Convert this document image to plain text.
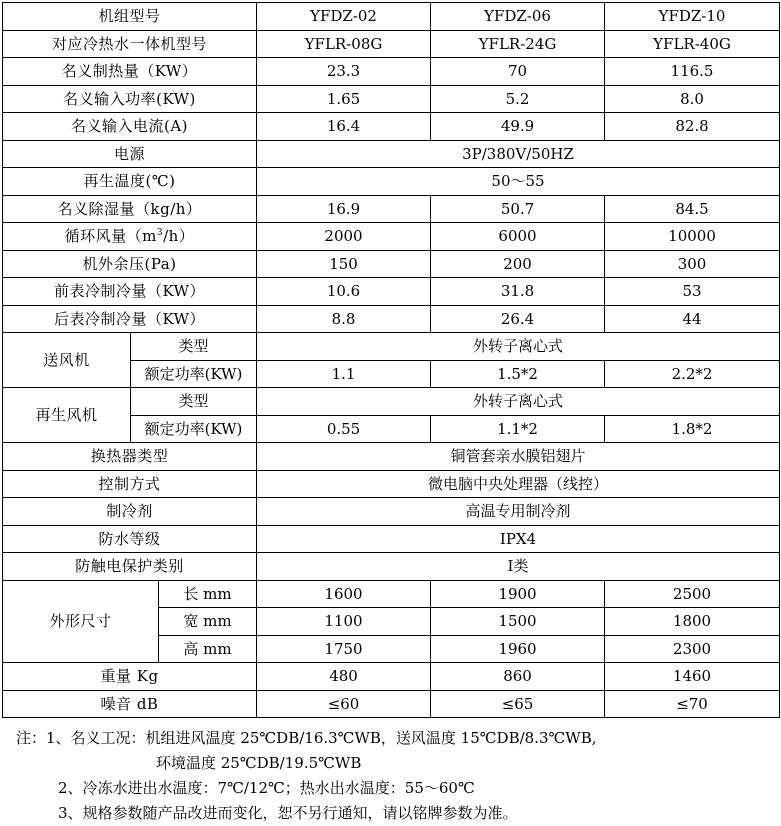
机组型号			YFDZ-02	YFDZ-06	YFDZ-10
对应冷热水一体机型号			YFLR-08G	YFLR-24G	YFLR-40G
名义制热量（KW）			23.3	70	116.5
名义输入功率(KW)			1.65	5.2	8.0
名义输入电流(A)			16.4	49.9	82.8
电源			3P/380V/50HZ		
再生温度(℃)			50～55		
名义除湿量（kg/h）			16.9	50.7	84.5
循环风量$(m^3/h)$			2000	6000	10000
机外余压(Pa)			150	200	300
前表冷制冷量（KW）			10.6	31.8	53
后表冷制冷量（KW）			8.8	26.4	44
送风机	类型		外转子离心式		
	额定功率(KW)		1.1	1.5*2	2.2*2
再生风机	类型		外转子离心式		
	额定功率(KW)		0.55	1.1*2	1.8*2
换热器类型			铜管套亲水膜铝翅片		
控制方式			微电脑中央处理器（线控）		
制冷剂			高温专用制冷剂		
防水等级			IPX4		
防触电保护类别			Ⅰ类		
外形尺寸		长 mm	1600	1900	2500
		宽 mm	1100	1500	1800
		高 mm	1750	1960	2300
重量 Kg			480	860	1460
噪音 dB			≤60	≤65	≤70
注：1、名义工况：机组进风温度 25℃DB/16.3℃WB，送风温度 15℃DB/8.3℃WB,
环境温度 25℃DB/19.5℃WB
2、冷冻水进出水温度：7℃/12℃；热水出水温度：55～60℃
3、规格参数随产品改进而变化，恕不另行通知，请以铭牌参数为准。
